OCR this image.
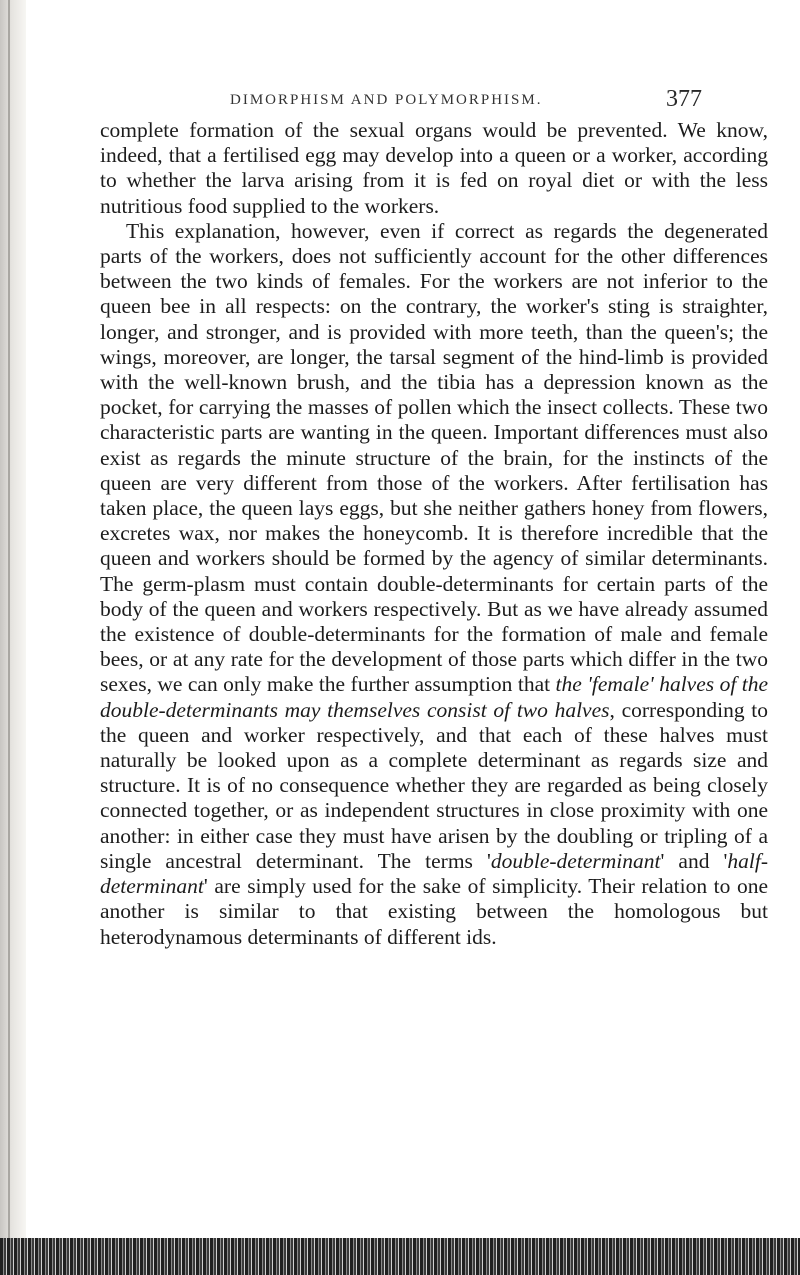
DIMORPHISM AND POLYMORPHISM.	377

complete formation of the sexual organs would be prevented. We know, indeed, that a fertilised egg may develop into a queen or a worker, according to whether the larva arising from it is fed on royal diet or with the less nutritious food supplied to the workers.

This explanation, however, even if correct as regards the degenerated parts of the workers, does not sufficiently account for the other differences between the two kinds of females. For the workers are not inferior to the queen bee in all respects: on the contrary, the worker's sting is straighter, longer, and stronger, and is provided with more teeth, than the queen's; the wings, moreover, are longer, the tarsal segment of the hind-limb is provided with the well-known brush, and the tibia has a depression known as the pocket, for carrying the masses of pollen which the insect collects. These two characteristic parts are wanting in the queen. Important differences must also exist as regards the minute structure of the brain, for the instincts of the queen are very different from those of the workers. After fertilisation has taken place, the queen lays eggs, but she neither gathers honey from flowers, excretes wax, nor makes the honeycomb. It is therefore incredible that the queen and workers should be formed by the agency of similar determinants. The germ-plasm must contain double-determinants for certain parts of the body of the queen and workers respectively. But as we have already assumed the existence of double-determinants for the formation of male and female bees, or at any rate for the development of those parts which differ in the two sexes, we can only make the further assumption that the 'female' halves of the double-determinants may themselves consist of two halves, corresponding to the queen and worker respectively, and that each of these halves must naturally be looked upon as a complete determinant as regards size and structure. It is of no consequence whether they are regarded as being closely connected together, or as independent structures in close proximity with one another: in either case they must have arisen by the doubling or tripling of a single ancestral determinant. The terms 'double-determinant' and 'half-determinant' are simply used for the sake of simplicity. Their relation to one another is similar to that existing between the homologous but heterodynamous determinants of different ids.
